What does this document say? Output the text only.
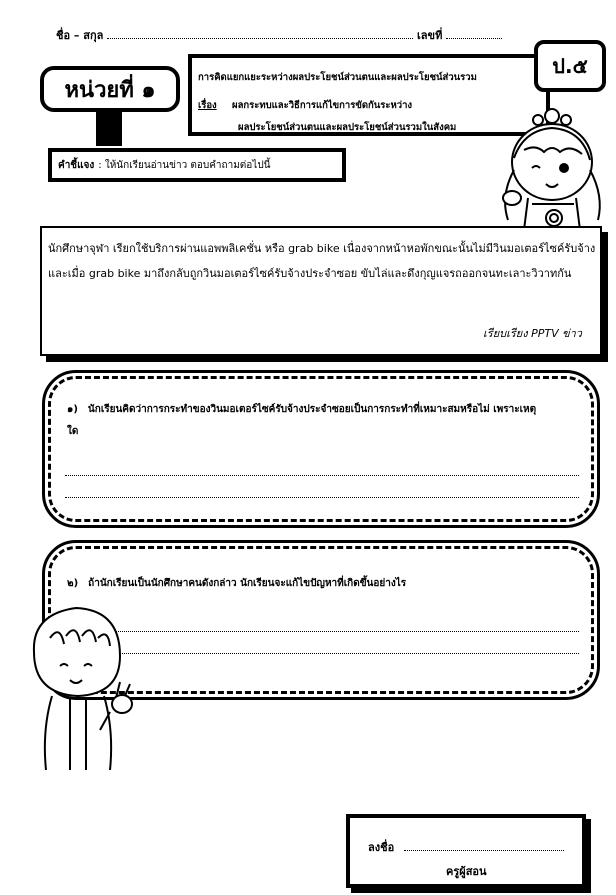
ชื่อ – สกุล	เลขที่
หน่วยที่ ๑	การคิดแยกแยะระหว่างผลประโยชน์ส่วนตนและผลประโยชน์ส่วนรวม
เรื่อง ผลกระทบและวิธีการแก้ไขการขัดกันระหว่าง
ผลประโยชน์ส่วนตนและผลประโยชน์ส่วนรวมในสังคม
ป.๕
คำชี้แจง : ให้นักเรียนอ่านข่าว ตอบคำถามต่อไปนี้
นักศึกษาจุฬา เรียกใช้บริการผ่านแอพพลิเคชั่น หรือ grab bike เนื่องจากหน้าหอพักขณะนั้นไม่มีวินมอเตอร์ไซค์รับจ้าง และเมื่อ grab bike มาถึงกลับถูกวินมอเตอร์ไซค์รับจ้างประจำซอย ขับไล่และดึงกุญแจรถออกจนทะเลาะวิวาทกัน
เรียบเรียง PPTV ข่าว
๑) นักเรียนคิดว่าการกระทำของวินมอเตอร์ไซค์รับจ้างประจำซอยเป็นการกระทำที่เหมาะสมหรือไม่ เพราะเหตุใด
๒) ถ้านักเรียนเป็นนักศึกษาคนดังกล่าว นักเรียนจะแก้ไขปัญหาที่เกิดขึ้นอย่างไร
ลงชื่อ
ครูผู้สอน
